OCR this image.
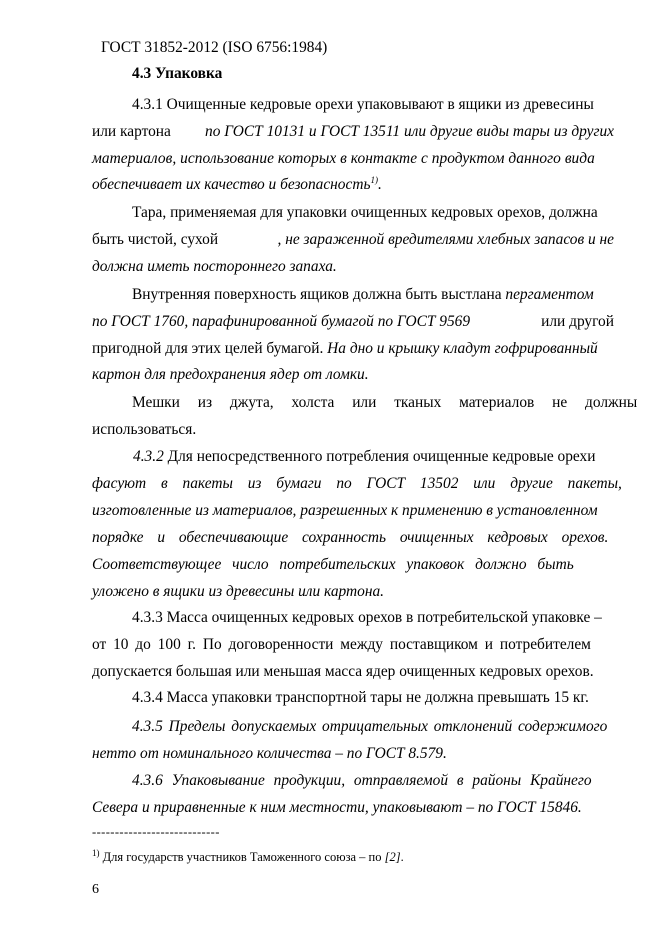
ГОСТ 31852-2012 (ISO 6756:1984)
4.3 Упаковка
4.3.1 Очищенные кедровые орехи упаковывают в ящики из древесины
или картона по ГОСТ 10131 и ГОСТ 13511 или другие виды тары из других
материалов, использование которых в контакте с продуктом данного вида
обеспечивает их качество и безопасность$^{1)}$.
Тара, применяемая для упаковки очищенных кедровых орехов, должна
быть чистой, сухой	, не зараженной вредителями хлебных запасов и не
должна иметь постороннего запаха.
Внутренняя поверхность ящиков должна быть выстлана пергаментом
по ГОСТ 1760, парафинированной бумагой по ГОСТ 9569	или другой
пригодной для этих целей бумагой. На дно и крышку кладут гофрированный
картон для предохранения ядер от ломки.
Мешки из джута, холста или тканых материалов не должны
использоваться.
4.3.2 Для непосредственного потребления очищенные кедровые орехи
фасуют в пакеты из бумаги по ГОСТ 13502 или другие пакеты,
изготовленные из материалов, разрешенных к применению в установленном
порядке и обеспечивающие сохранность очищенных кедровых орехов.
Соответствующее число потребительских упаковок должно быть
уложено в ящики из древесины или картона.
4.3.3 Масса очищенных кедровых орехов в потребительской упаковке –
от 10 до 100 г. По договоренности между поставщиком и потребителем
допускается большая или меньшая масса ядер очищенных кедровых орехов.
4.3.4 Масса упаковки транспортной тары не должна превышать 15 кг.
4.3.5 Пределы допускаемых отрицательных отклонений содержимого
нетто от номинального количества – по ГОСТ 8.579.
4.3.6 Упаковывание продукции, отправляемой в районы Крайнего
Севера и приравненные к ним местности, упаковывают – по ГОСТ 15846.
----------------------------
$^{1)}$ Для государств участников Таможенного союза – по [2].
6
